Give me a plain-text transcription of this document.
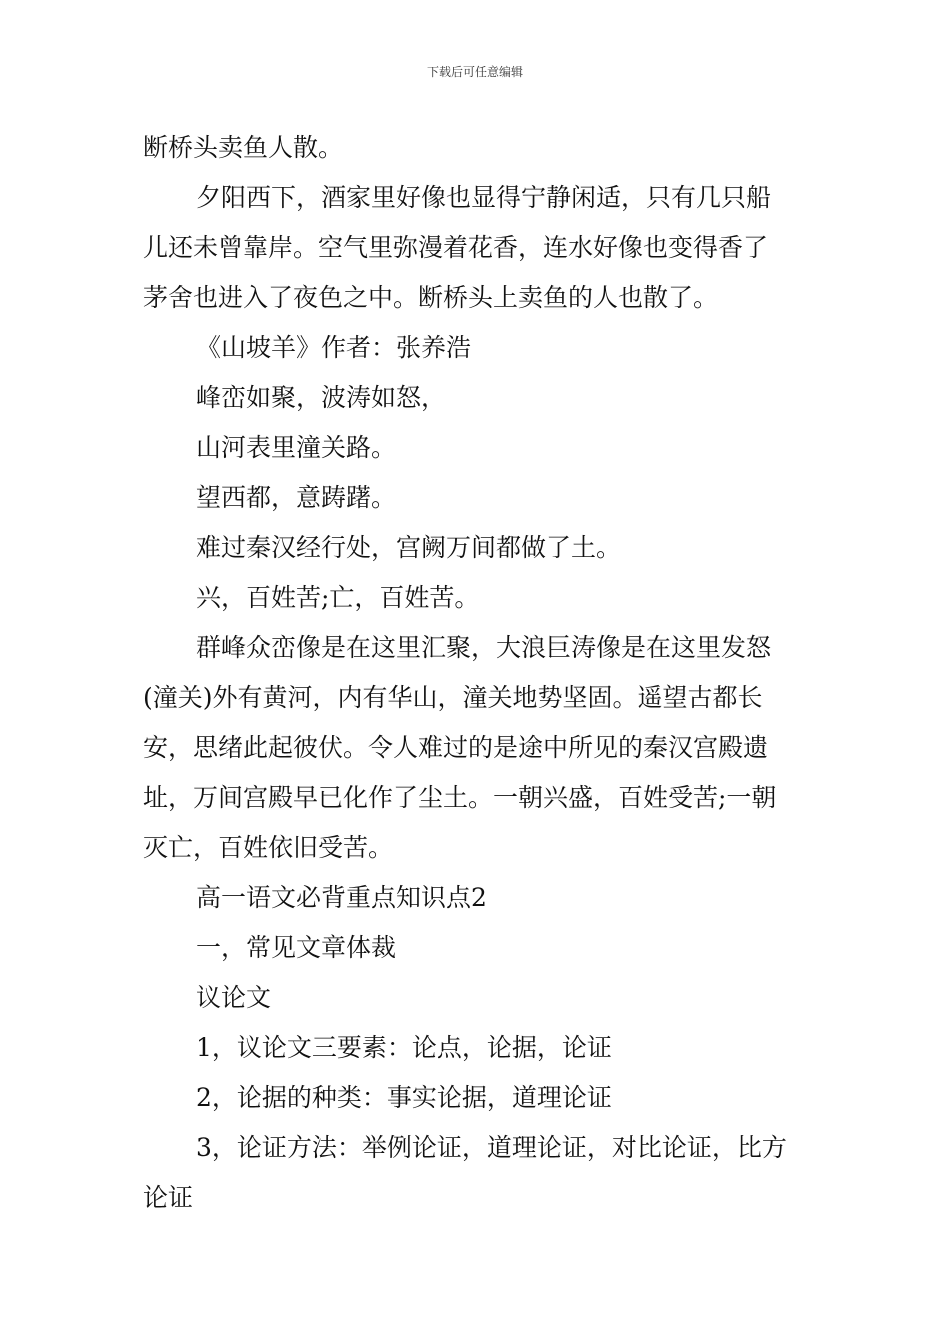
下载后可任意编辑
断桥头卖鱼人散。
夕阳西下，酒家里好像也显得宁静闲适，只有几只船
儿还未曾靠岸。空气里弥漫着花香，连水好像也变得香了
茅舍也进入了夜色之中。断桥头上卖鱼的人也散了。
《山坡羊》作者：张养浩
峰峦如聚，波涛如怒，
山河表里潼关路。
望西都，意踌躇。
难过秦汉经行处，宫阙万间都做了土。
兴，百姓苦;亡，百姓苦。
群峰众峦像是在这里汇聚，大浪巨涛像是在这里发怒
(潼关)外有黄河，内有华山，潼关地势坚固。遥望古都长
安，思绪此起彼伏。令人难过的是途中所见的秦汉宫殿遗
址，万间宫殿早已化作了尘土。一朝兴盛，百姓受苦;一朝
灭亡，百姓依旧受苦。
高一语文必背重点知识点2
一，常见文章体裁
议论文
1，议论文三要素：论点，论据，论证
2，论据的种类：事实论据，道理论证
3，论证方法：举例论证，道理论证，对比论证，比方
论证
